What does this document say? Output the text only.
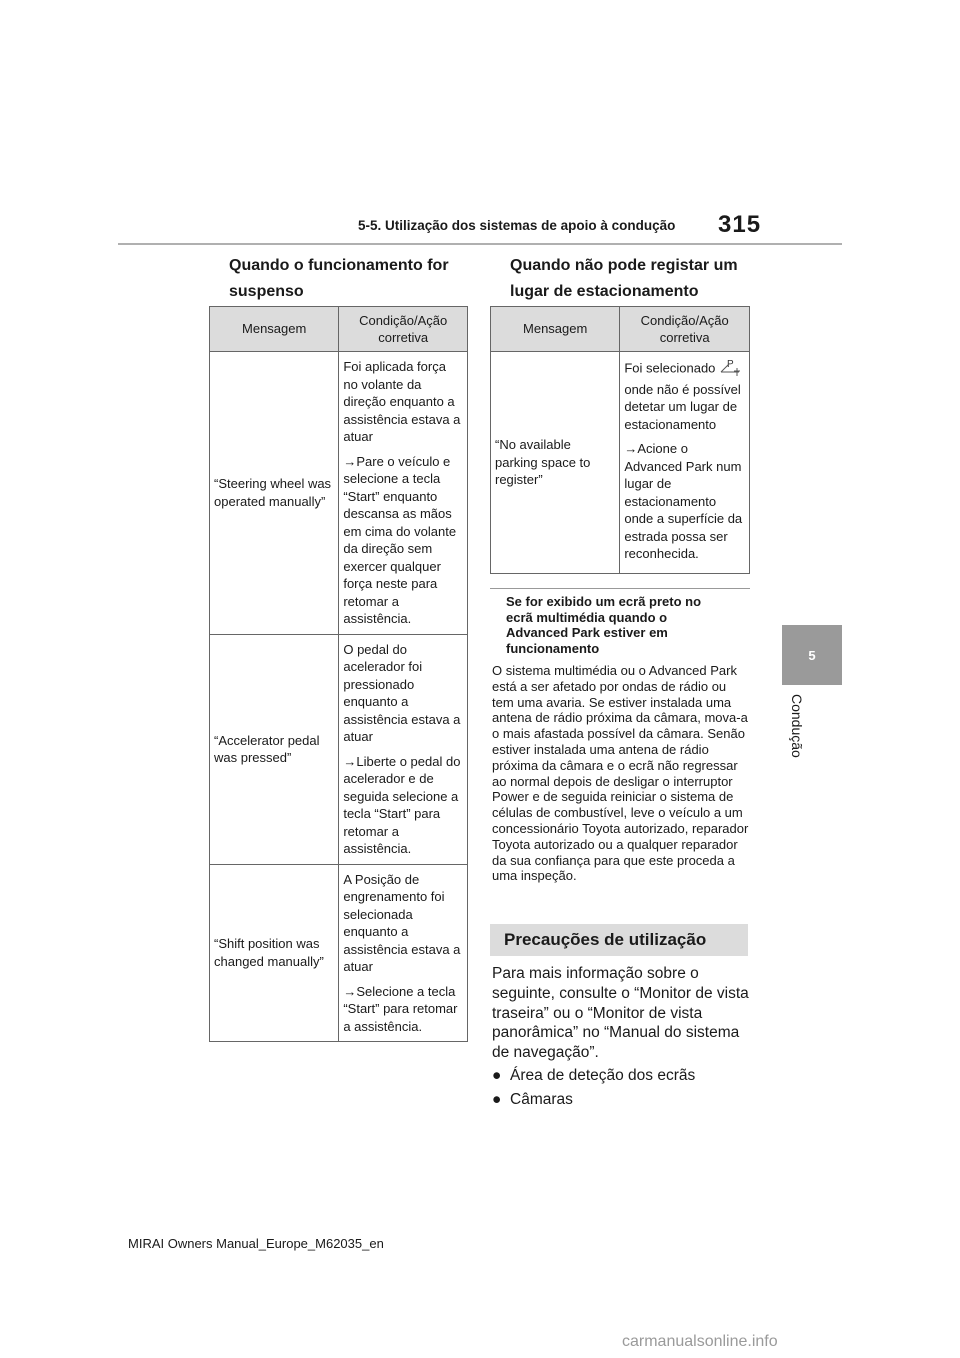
5-5. Utilização dos sistemas de apoio à condução 315
5
Condução
Quando o funcionamento for
suspenso
Mensagem	Condição/Ação corretiva
“Steering wheel was operated manually”	Foi aplicada força no volante da direção enquanto a assistência estava a atuar

→Pare o veículo e selecione a tecla “Start” enquanto descansa as mãos em cima do volante da direção sem exercer qualquer força neste para retomar a assistência.

“Accelerator pedal was pressed”	O pedal do acelerador foi pressionado enquanto a assistência estava a atuar

→Liberte o pedal do acelerador e de seguida selecione a tecla “Start” para retomar a assistência.

“Shift position was changed manually”	A Posição de engrenamento foi selecionada enquanto a assistência estava a atuar

→Selecione a tecla “Start” para retomar a assistência.

Quando não pode registar um
lugar de estacionamento
Mensagem	Condição/Ação corretiva
“No available parking space to register”	Foi selecionado P
onde não é possível detetar um lugar de estacionamento

→Acione o Advanced Park num lugar de estacionamento onde a superfície da estrada possa ser reconhecida.

Se for exibido um ecrã preto no ecrã multimédia quando o Advanced Park estiver em funcionamento
O sistema multimédia ou o Advanced Park está a ser afetado por ondas de rádio ou tem uma avaria. Se estiver instalada uma antena de rádio próxima da câmara, mova-a o mais afastada possível da câmara. Senão estiver instalada uma antena de rádio próxima da câmara e o ecrã não regressar ao normal depois de desligar o interruptor Power e de seguida reiniciar o sistema de células de combustível, leve o veículo a um concessionário Toyota autorizado, reparador Toyota autorizado ou a qualquer reparador da sua confiança para que este proceda a uma inspeção.
Precauções de utilização
Para mais informação sobre o seguinte, consulte o “Monitor de vista traseira” ou o “Monitor de vista panorâmica” no “Manual do sistema de navegação”.
● Área de deteção dos ecrãs
● Câmaras
MIRAI Owners Manual_Europe_M62035_en
carmanualsonline.info
